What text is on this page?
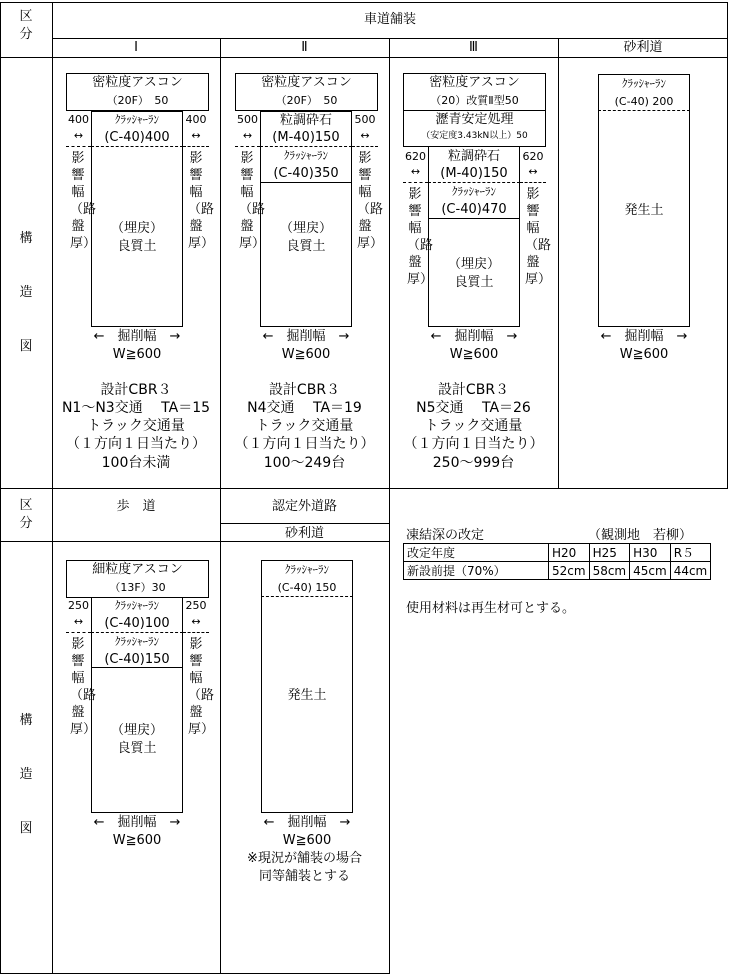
区分
車道舗装
Ⅰ	Ⅱ	Ⅲ	砂利道
構造図
密粒度アスコン
（20F）　50
ｸﾗｯｼｬｰﾗﾝ
(C-40)400
400
↔
400
↔
影響幅（路盤厚）
影響幅（路盤厚）
（埋戻）
良質土
←　掘削幅　→
W≧600
設計CBR３
N1～N3交通　 TA＝15
トラック交通量
（１方向１日当たり）
100台未満
密粒度アスコン
（20F）　50
粒調砕石
(M-40)150
ｸﾗｯｼｬｰﾗﾝ
(C-40)350
500
↔
500
↔
影響幅（路盤厚）
影響幅（路盤厚）
（埋戻）
良質土
←　掘削幅　→
W≧600
設計CBR３
N4交通　 TA＝19
トラック交通量
（１方向１日当たり）
100～249台
密粒度アスコン
（20）改質Ⅱ型50
瀝青安定処理
（安定度3.43kN以上）50
粒調砕石
(M-40)150
ｸﾗｯｼｬｰﾗﾝ
(C-40)470
620
↔
620
↔
影響幅（路盤厚）
影響幅（路盤厚）
（埋戻）
良質土
←　掘削幅　→
W≧600
設計CBR３
N5交通　 TA＝26
トラック交通量
（１方向１日当たり）
250～999台
ｸﾗｯｼｬｰﾗﾝ
(C-40) 200
発生土
←　掘削幅　→
W≧600
区分
歩　道	認定外道路
砂利道
構造図
細粒度アスコン
（13F）30
ｸﾗｯｼｬｰﾗﾝ
(C-40)100
ｸﾗｯｼｬｰﾗﾝ
(C-40)150
250
↔
250
↔
影響幅（路盤厚）
影響幅（路盤厚）
（埋戻）
良質土
←　掘削幅　→
W≧600
ｸﾗｯｼｬｰﾗﾝ
(C-40) 150
発生土
←　掘削幅　→
W≧600
※現況が舗装の場合
同等舗装とする
凍結深の改定	（観測地　若柳）
改定年度	H20	H25	H30	R５
新設前提（70%）	52cm	58cm	45cm	44cm
使用材料は再生材可とする。
